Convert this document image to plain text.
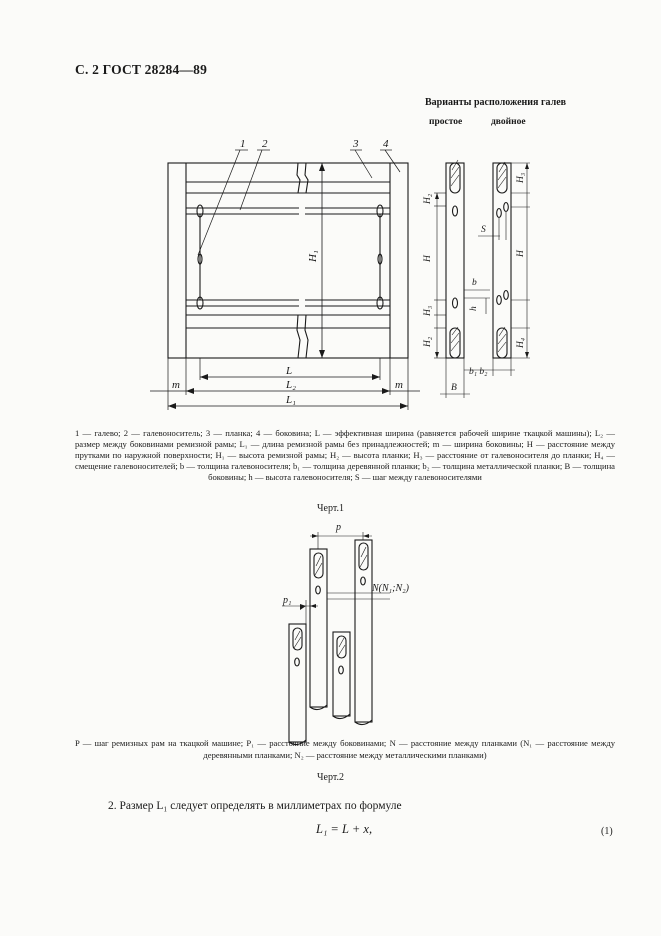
С. 2 ГОСТ 28284—89
Варианты расположения галев
простое	двойное
1 2	3 4
H₁
L
L₂
L₁
m	m
H₂
H
H₃
H₂
b
h
B
S
H₃
H
H₄
b₁ b₂
1 — галево; 2 — галевоноситель; 3 — планка; 4 — боковина; L — эффективная ширина (равняется рабочей ширине ткацкой машины); L₂ — размер между боковинами ремизной рамы; L₁ — длина ремизной рамы без принадлежностей; m — ширина боковины; H — расстояние между прутками по наружной поверхности; H₁ — высота ремизной рамы; H₂ — высота планки; H₃ — расстояние от галевоносителя до планки; H₄ — смещение галевоносителей; b — толщина галевоносителя; b₁ — толщина деревянной планки; b₂ — толщина металлической планки; B — толщина боковины; h — высота галевоносителя; S — шаг между галевоносителями
Черт.1
p
p₁
N(N₁;N₂)
P — шаг ремизных рам на ткацкой машине; P₁ — расстояние между боковинами; N — расстояние между планками (N₁ — расстояние между деревянными планками; N₂ — расстояние между металлическими планками)
Черт.2
2. Размер L₁ следует определять в миллиметрах по формуле
L₁ = L + x,	(1)
